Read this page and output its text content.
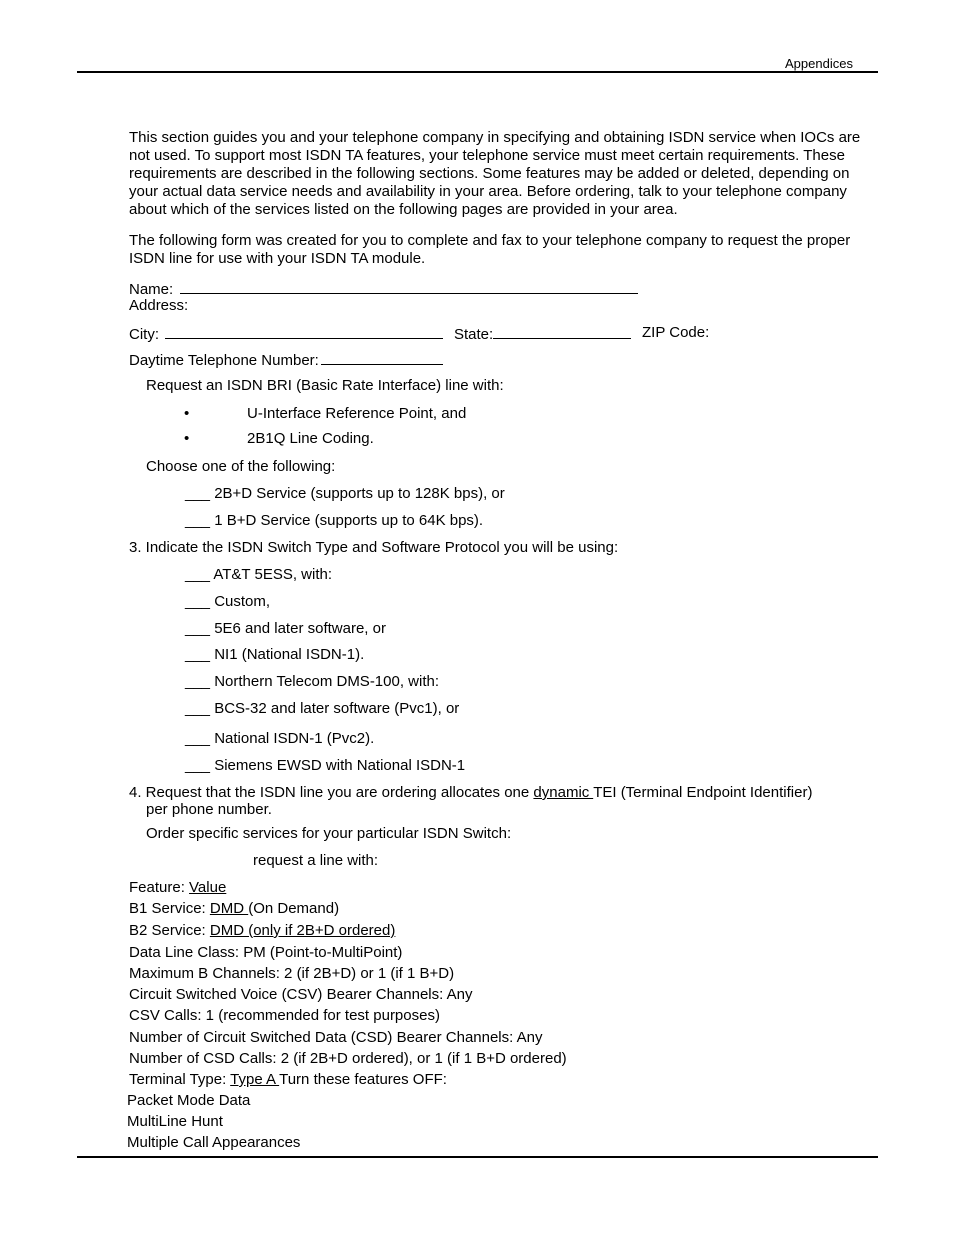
Appendices
This section guides you and your telephone company in specifying and obtaining ISDN service when IOCs are not used. To support most ISDN TA features, your telephone service must meet certain requirements. These requirements are described in the following sections. Some features may be added or deleted, depending on your actual data service needs and availability in your area. Before ordering, talk to your telephone company about which of the services listed on the following pages are provided in your area.
The following form was created for you to complete and fax to your telephone company to request the proper ISDN line for use with your ISDN TA module.
Name:
Address:
City:	State:	ZIP Code:
Daytime Telephone Number:
Request an ISDN BRI (Basic Rate Interface) line with:
•	U-Interface Reference Point, and
•	2B1Q Line Coding.
Choose one of the following:
___ 2B+D Service (supports up to 128K bps), or
___ 1 B+D Service (supports up to 64K bps).
3. Indicate the ISDN Switch Type and Software Protocol you will be using:
___ AT&T 5ESS, with:
___ Custom,
___ 5E6 and later software, or
___ NI1 (National ISDN-1).
___ Northern Telecom DMS-100, with:
___ BCS-32 and later software (Pvc1), or
___ National ISDN-1 (Pvc2).
___ Siemens EWSD with National ISDN-1
4. Request that the ISDN line you are ordering allocates one dynamic TEI (Terminal Endpoint Identifier)
per phone number.
Order specific services for your particular ISDN Switch:
request a line with:
Feature: Value
B1 Service: DMD (On Demand)
B2 Service: DMD (only if 2B+D ordered)
Data Line Class: PM (Point-to-MultiPoint)
Maximum B Channels: 2 (if 2B+D) or 1 (if 1 B+D)
Circuit Switched Voice (CSV) Bearer Channels: Any
CSV Calls: 1 (recommended for test purposes)
Number of Circuit Switched Data (CSD) Bearer Channels: Any
Number of CSD Calls: 2 (if 2B+D ordered), or 1 (if 1 B+D ordered)
Terminal Type: Type A Turn these features OFF:
Packet Mode Data
MultiLine Hunt
Multiple Call Appearances
